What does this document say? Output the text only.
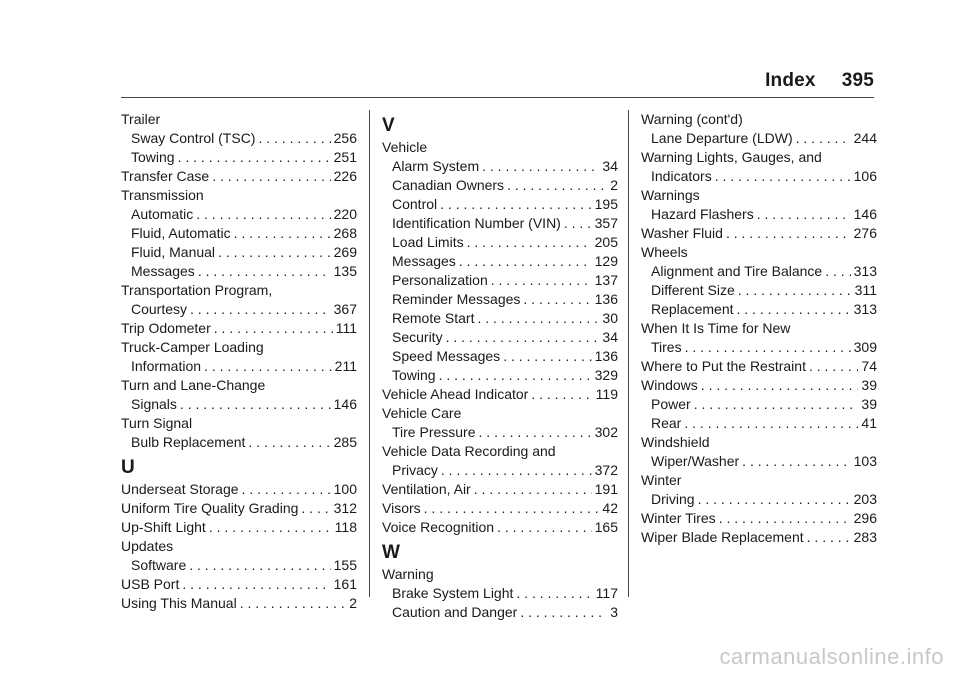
Index 395
Trailer
Sway Control (TSC) . . .	256
Towing . . .	251
Transfer Case . . .	226
Transmission
Automatic . . .	220
Fluid, Automatic . . .	268
Fluid, Manual . . .	269
Messages . . .	135
Transportation Program,
Courtesy . . .	367
Trip Odometer . . .	111
Truck-Camper Loading
Information . . .	211
Turn and Lane-Change
Signals . . .	146
Turn Signal
Bulb Replacement . . .	285
U
Underseat Storage . . .	100
Uniform Tire Quality Grading . . .	312
Up-Shift Light . . .	118
Updates
Software . . .	155
USB Port . . .	161
Using This Manual . . .	2
V
Vehicle
Alarm System . . .	34
Canadian Owners . . .	2
Control . . .	195
Identification Number (VIN) . . . 357
Load Limits . . .	205
Messages . . .	129
Personalization . . .	137
Reminder Messages . . .	136
Remote Start . . .	30
Security . . .	34
Speed Messages . . .	136
Towing . . .	329
Vehicle Ahead Indicator . . .	119
Vehicle Care
Tire Pressure . . .	302
Vehicle Data Recording and
Privacy . . .	372
Ventilation, Air . . .	191
Visors . . .	42
Voice Recognition . . .	165
W
Warning
Brake System Light . . .	117
Caution and Danger . . .	3
Warning (cont'd)
Lane Departure (LDW) . . .	244
Warning Lights, Gauges, and
Indicators . . .	106
Warnings
Hazard Flashers . . .	146
Washer Fluid . . .	276
Wheels
Alignment and Tire Balance . . . 313
Different Size . . .	311
Replacement . . .	313
When It Is Time for New
Tires . . .	309
Where to Put the Restraint . . .	74
Windows . . .	39
Power . . .	39
Rear . . .	41
Windshield
Wiper/Washer . . .	103
Winter
Driving . . .	203
Winter Tires . . .	296
Wiper Blade Replacement . . .	283
carmanualsonline.info
